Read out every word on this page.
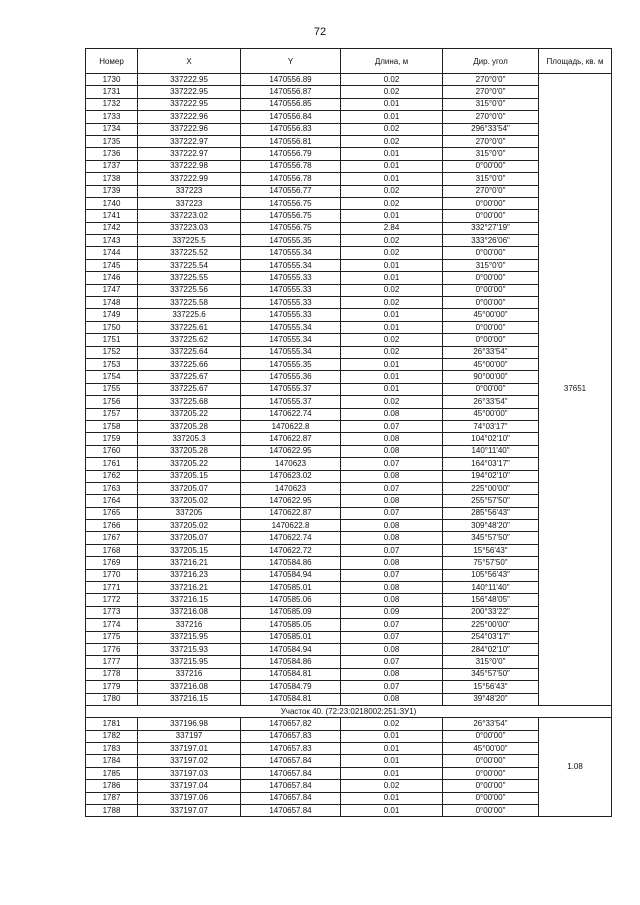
72
Номер	X	Y	Длина, м	Дир. угол	Площадь, кв. м
1730	337222.95	1470556.89	0.02	270°0'0"	37651
1731	337222.95	1470556.87	0.02	270°0'0"	
1732	337222.95	1470556.85	0.01	315°0'0"	
1733	337222.96	1470556.84	0.01	270°0'0"	
1734	337222.96	1470556.83	0.02	296°33'54"	
1735	337222.97	1470556.81	0.02	270°0'0"	
1736	337222.97	1470556.79	0.01	315°0'0"	
1737	337222.98	1470556.78	0.01	0°00'00"	
1738	337222.99	1470556.78	0.01	315°0'0"	
1739	337223	1470556.77	0.02	270°0'0"	
1740	337223	1470556.75	0.02	0°00'00"	
1741	337223.02	1470556.75	0.01	0°00'00"	
1742	337223.03	1470556.75	2.84	332°27'19"	
1743	337225.5	1470555.35	0.02	333°26'06"	
1744	337225.52	1470555.34	0.02	0°00'00"	
1745	337225.54	1470555.34	0.01	315°0'0"	
1746	337225.55	1470555.33	0.01	0°00'00"	
1747	337225.56	1470555.33	0.02	0°00'00"	
1748	337225.58	1470555.33	0.02	0°00'00"	
1749	337225.6	1470555.33	0.01	45°00'00"	
1750	337225.61	1470555.34	0.01	0°00'00"	
1751	337225.62	1470555.34	0.02	0°00'00"	
1752	337225.64	1470555.34	0.02	26°33'54"	
1753	337225.66	1470555.35	0.01	45°00'00"	
1754	337225.67	1470555.36	0.01	90°00'00"	
1755	337225.67	1470555.37	0.01	0°00'00"	
1756	337225.68	1470555.37	0.02	26°33'54"	
1757	337205.22	1470622.74	0.08	45°00'00"	
1758	337205.28	1470622.8	0.07	74°03'17"	
1759	337205.3	1470622.87	0.08	104°02'10"	
1760	337205.28	1470622.95	0.08	140°11'40"	
1761	337205.22	1470623	0.07	164°03'17"	
1762	337205.15	1470623.02	0.08	194°02'10"	
1763	337205.07	1470623	0.07	225°00'00"	
1764	337205.02	1470622.95	0.08	255°57'50"	
1765	337205	1470622.87	0.07	285°56'43"	
1766	337205.02	1470622.8	0.08	309°48'20"	
1767	337205.07	1470622.74	0.08	345°57'50"	
1768	337205.15	1470622.72	0.07	15°56'43"	
1769	337216.21	1470584.86	0.08	75°57'50"	
1770	337216.23	1470584.94	0.07	105°56'43"	
1771	337216.21	1470585.01	0.08	140°11'40"	
1772	337216.15	1470585.06	0.08	156°48'05"	
1773	337216.08	1470585.09	0.09	200°33'22"	
1774	337216	1470585.05	0.07	225°00'00"	
1775	337215.95	1470585.01	0.07	254°03'17"	
1776	337215.93	1470584.94	0.08	284°02'10"	
1777	337215.95	1470584.86	0.07	315°0'0"	
1778	337216	1470584.81	0.08	345°57'50"	
1779	337216.08	1470584.79	0.07	15°56'43"	
1780	337216.15	1470584.81	0.08	39°48'20"	
Участок 40. (72:23:0218002:251:ЗУ1)					
1781	337196.98	1470657.82	0.02	26°33'54"	1.08
1782	337197	1470657.83	0.01	0°00'00"	
1783	337197.01	1470657.83	0.01	45°00'00"	
1784	337197.02	1470657.84	0.01	0°00'00"	
1785	337197.03	1470657.84	0.01	0°00'00"	
1786	337197.04	1470657.84	0.02	0°00'00"	
1787	337197.06	1470657.84	0.01	0°00'00"	
1788	337197.07	1470657.84	0.01	0°00'00"	
